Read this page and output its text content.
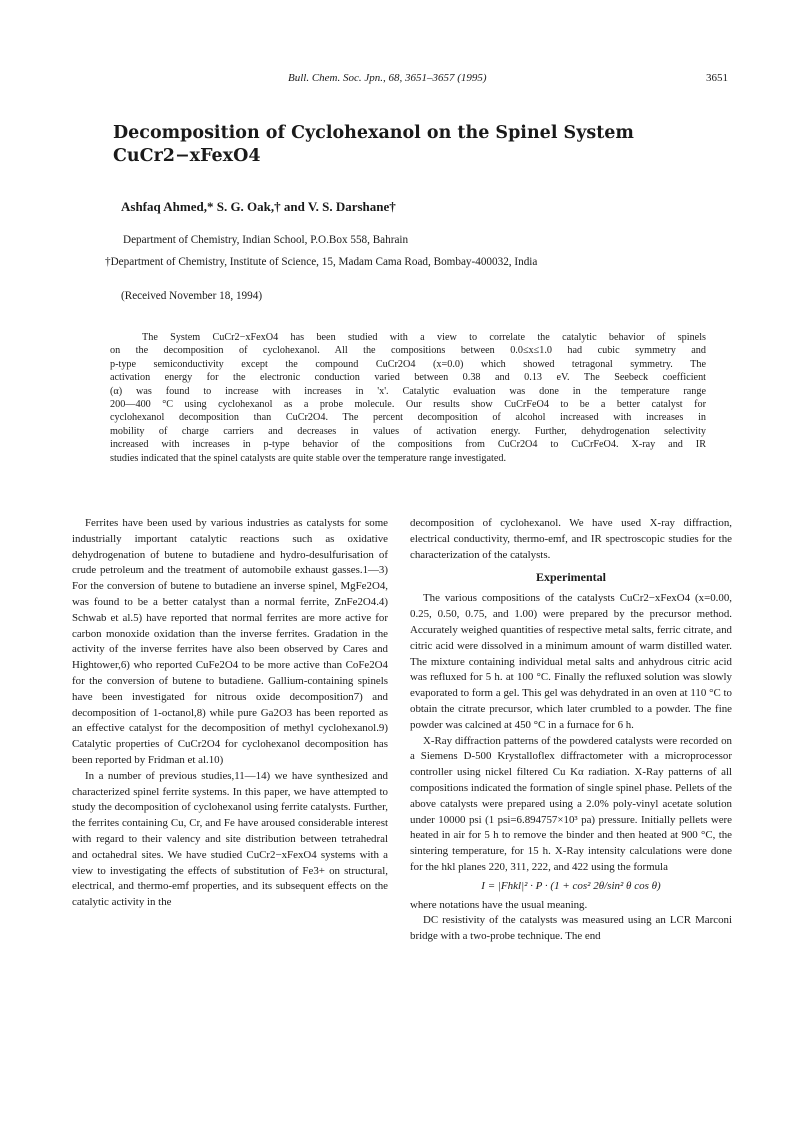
Bull. Chem. Soc. Jpn., 68, 3651–3657 (1995)	3651
Decomposition of Cyclohexanol on the Spinel System CuCr2−xFexO4
Ashfaq Ahmed,* S. G. Oak,† and V. S. Darshane†
Department of Chemistry, Indian School, P.O.Box 558, Bahrain
†Department of Chemistry, Institute of Science, 15, Madam Cama Road, Bombay-400032, India
(Received November 18, 1994)

The System CuCr2−xFexO4 has been studied with a view to correlate the catalytic behavior of spinels
on the decomposition of cyclohexanol. All the compositions between 0.0≤x≤1.0 had cubic symmetry and
p-type semiconductivity except the compound CuCr2O4 (x=0.0) which showed tetragonal symmetry. The
activation energy for the electronic conduction varied between 0.38 and 0.13 eV. The Seebeck coefficient
(α) was found to increase with increases in 'x'. Catalytic evaluation was done in the temperature range
200—400 °C using cyclohexanol as a probe molecule. Our results show CuCrFeO4 to be a better catalyst for
cyclohexanol decomposition than CuCr2O4. The percent decomposition of alcohol increased with increases in
mobility of charge carriers and decreases in values of activation energy. Further, dehydrogenation selectivity
increased with increases in p-type behavior of the compositions from CuCr2O4 to CuCrFeO4. X-ray and IR
studies indicated that the spinel catalysts are quite stable over the temperature range investigated.

Ferrites have been used by various industries as catalysts for some industrially important catalytic reactions such as oxidative dehydrogenation of butene to butadiene and hydro-desulfurisation of crude petroleum and the treatment of automobile exhaust gasses.1—3) For the conversion of butene to butadiene an inverse spinel, MgFe2O4, was found to be a better catalyst than a normal ferrite, ZnFe2O4.4) Schwab et al.5) have reported that normal ferrites are more active for carbon monoxide oxidation than the inverse ferrites. Gradation in the activity of the inverse ferrites have also been observed by Cares and Hightower,6) who reported CuFe2O4 to be more active than CoFe2O4 for the conversion of butene to butadiene. Gallium-containing spinels have been investigated for nitrous oxide decomposition7) and decomposition of 1-octanol,8) while pure Ga2O3 has been reported as an effective catalyst for the decomposition of methyl cyclohexanol.9) Catalytic properties of CuCr2O4 for cyclohexanol decomposition has been reported by Fridman et al.10)

In a number of previous studies,11—14) we have synthesized and characterized spinel ferrite systems. In this paper, we have attempted to study the decomposition of cyclohexanol using ferrite catalysts. Further, the ferrites containing Cu, Cr, and Fe have aroused considerable interest with regard to their valency and site distribution between tetrahedral and octahedral sites. We have studied CuCr2−xFexO4 systems with a view to investigating the effects of substitution of Fe3+ on structural, electrical, and thermo-emf properties, and its subsequent effects on the catalytic activity in the

decomposition of cyclohexanol. We have used X-ray diffraction, electrical conductivity, thermo-emf, and IR spectroscopic studies for the characterization of the catalysts.

Experimental

The various compositions of the catalysts CuCr2−xFexO4 (x=0.00, 0.25, 0.50, 0.75, and 1.00) were prepared by the precursor method. Accurately weighed quantities of respective metal salts, ferric citrate, and citric acid were dissolved in a minimum amount of warm distilled water. The mixture containing individual metal salts and anhydrous citric acid was refluxed for 5 h. at 100 °C. Finally the refluxed solution was slowly evaporated to form a gel. This gel was dehydrated in an oven at 110 °C to obtain the citrate precursor, which later crumbled to a powder. The fine powder was calcined at 450 °C in a furnace for 6 h.

X-Ray diffraction patterns of the powdered catalysts were recorded on a Siemens D-500 Krystalloflex diffractometer with a microprocessor controller using nickel filtered Cu Kα radiation. X-Ray patterns of all compositions indicated the formation of single spinel phase. Pellets of the above catalysts were prepared using a 2.0% poly-vinyl acetate solution under 10000 psi (1 psi=6.894757×10³ pa) pressure. Initially pellets were heated in air for 5 h to remove the binder and then heated at 900 °C, the sintering temperature, for 15 h. X-Ray intensity calculations were done for the hkl planes 220, 311, 222, and 422 using the formula

I = |Fhkl|² · P · (1 + cos² 2θ/sin² θ cos θ)

where notations have the usual meaning.

DC resistivity of the catalysts was measured using an LCR Marconi bridge with a two-probe technique. The end
